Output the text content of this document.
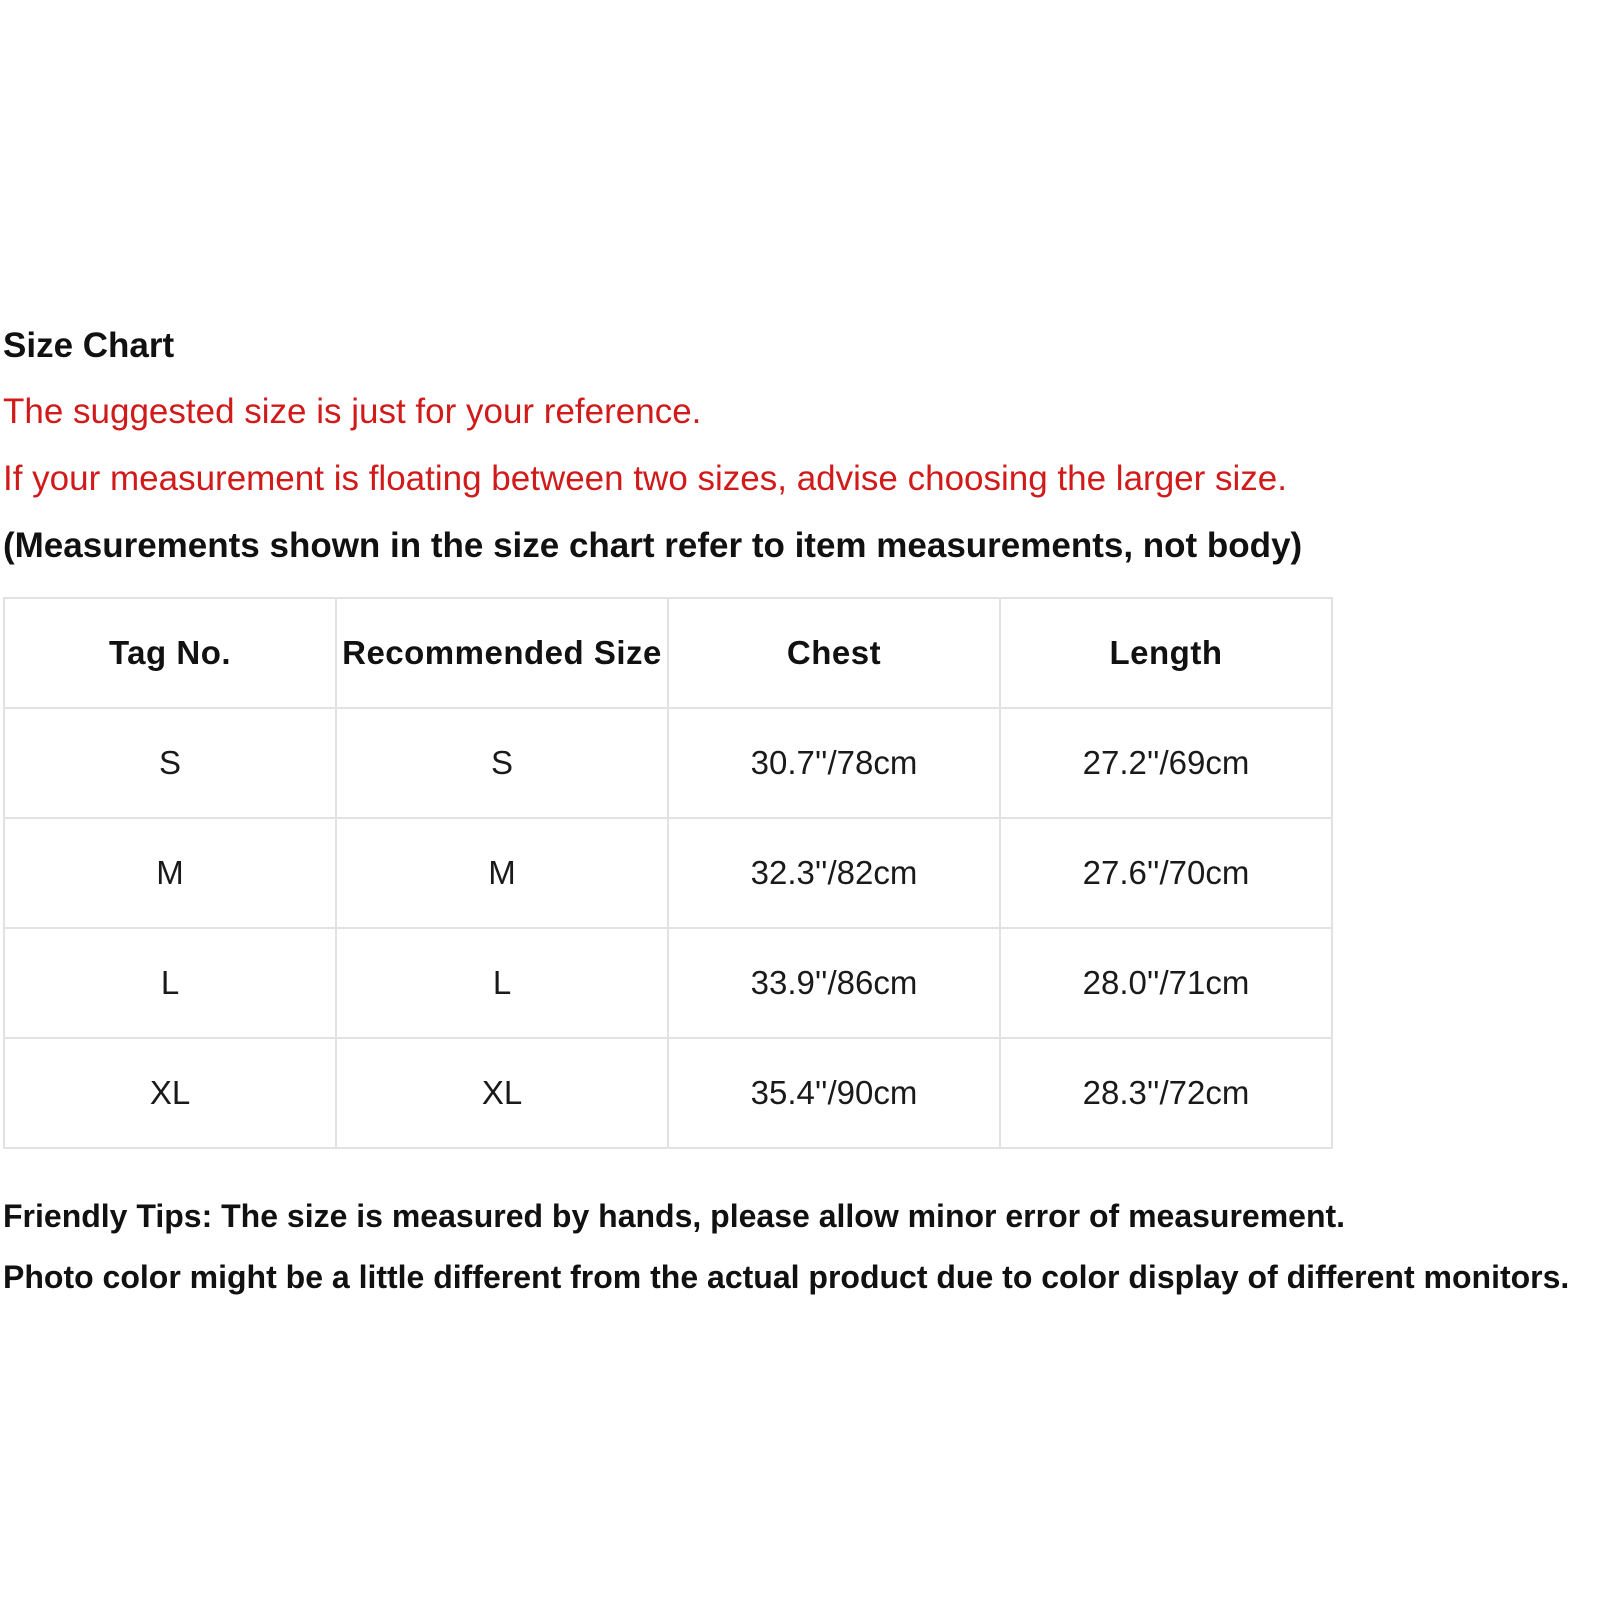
Size Chart
The suggested size is just for your reference.
If your measurement is floating between two sizes, advise choosing the larger size.
(Measurements shown in the size chart refer to item measurements, not body)
Tag No.	Recommended Size	Chest	Length
S	S	30.7''/78cm	27.2''/69cm
M	M	32.3''/82cm	27.6''/70cm
L	L	33.9''/86cm	28.0''/71cm
XL	XL	35.4''/90cm	28.3''/72cm
Friendly Tips: The size is measured by hands, please allow minor error of measurement.
Photo color might be a little different from the actual product due to color display of different monitors.
